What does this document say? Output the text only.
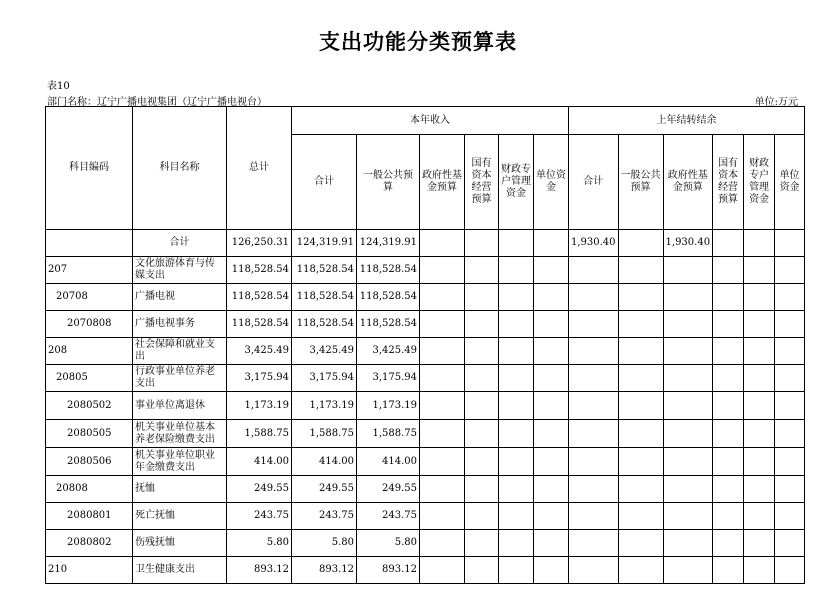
支出功能分类预算表
表10
部门名称：辽宁广播电视集团（辽宁广播电视台）	单位:万元
科目编码	科目名称	总计	本年收入						上年结转结余					
			合计	一般公共预算	政府性基金预算	国有资本经营预算	财政专户管理资金	单位资金	合计	一般公共预算	政府性基金预算	国有资本经营预算	财政专户管理资金	单位资金
	合计	126,250.31	124,319.91	124,319.91					1,930.40		1,930.40			
207	文化旅游体育与传媒支出	118,528.54	118,528.54	118,528.54										
20708	广播电视	118,528.54	118,528.54	118,528.54										
2070808	广播电视事务	118,528.54	118,528.54	118,528.54										
208	社会保障和就业支出	3,425.49	3,425.49	3,425.49										
20805	行政事业单位养老支出	3,175.94	3,175.94	3,175.94										
2080502	事业单位离退休	1,173.19	1,173.19	1,173.19										
2080505	机关事业单位基本养老保险缴费支出	1,588.75	1,588.75	1,588.75										
2080506	机关事业单位职业年金缴费支出	414.00	414.00	414.00										
20808	抚恤	249.55	249.55	249.55										
2080801	死亡抚恤	243.75	243.75	243.75										
2080802	伤残抚恤	5.80	5.80	5.80										
210	卫生健康支出	893.12	893.12	893.12										
